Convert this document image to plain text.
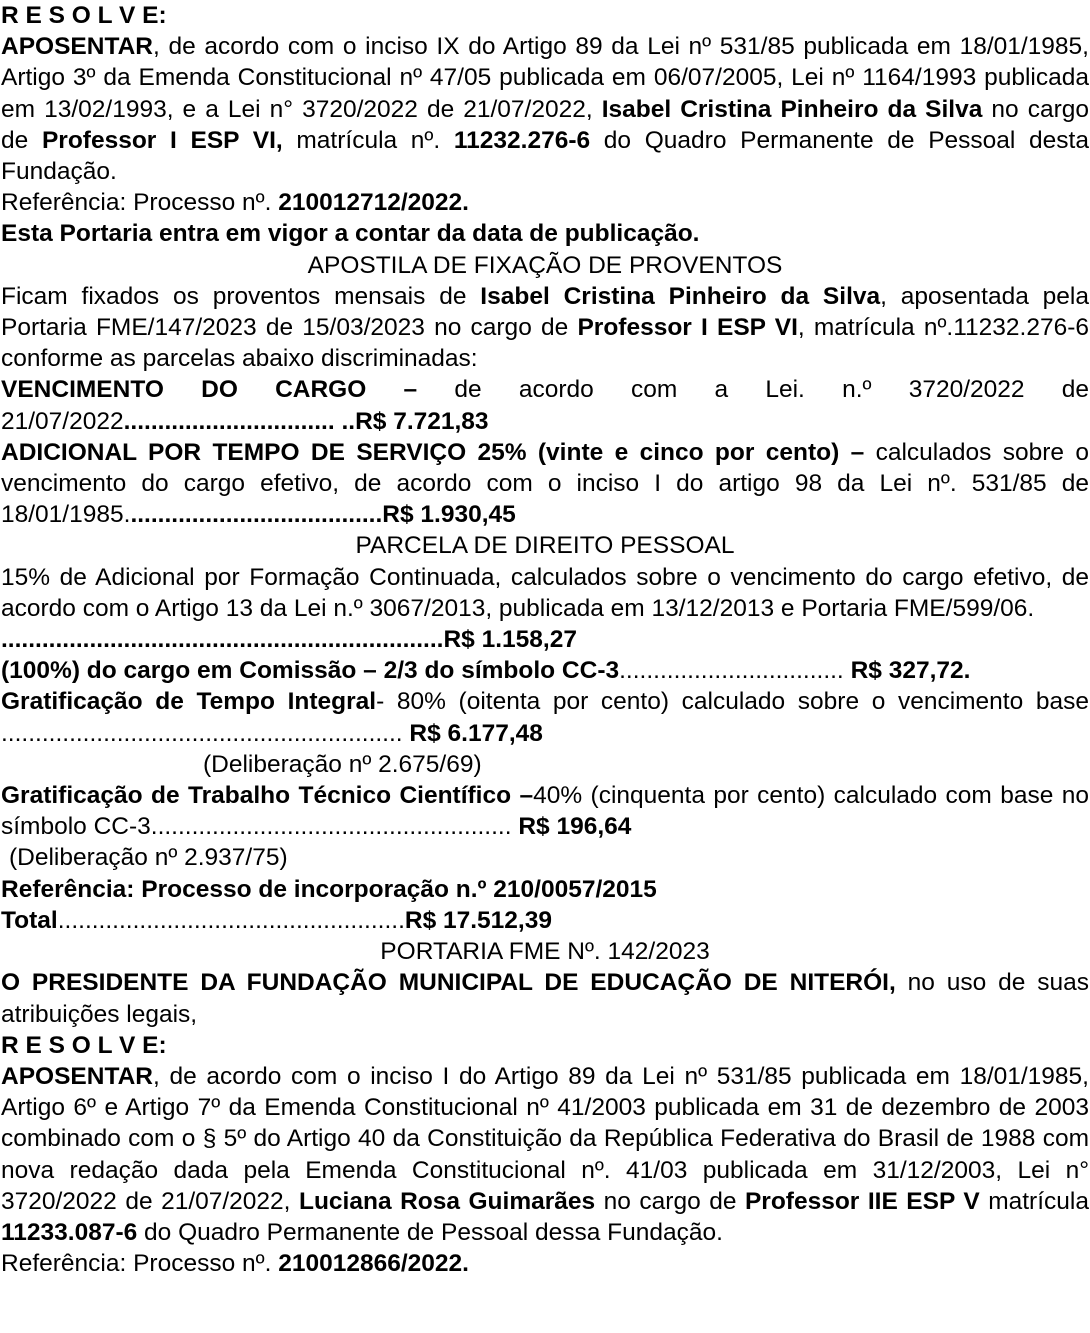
R E S O L V E:

APOSENTAR, de acordo com o inciso IX do Artigo 89 da Lei nº 531/85 publicada em 18/01/1985, Artigo 3º da Emenda Constitucional nº 47/05 publicada em 06/07/2005, Lei nº 1164/1993 publicada em 13/02/1993, e a Lei n° 3720/2022 de 21/07/2022, Isabel Cristina Pinheiro da Silva no cargo de Professor I ESP VI, matrícula nº. 11232.276-6 do Quadro Permanente de Pessoal desta Fundação.

Referência: Processo nº. 210012712/2022.

Esta Portaria entra em vigor a contar da data de publicação.

APOSTILA DE FIXAÇÃO DE PROVENTOS

Ficam fixados os proventos mensais de Isabel Cristina Pinheiro da Silva, aposentada pela Portaria FME/147/2023 de 15/03/2023 no cargo de Professor I ESP VI, matrícula nº.11232.276-6 conforme as parcelas abaixo discriminadas:

VENCIMENTO DO CARGO – de acordo com a Lei. n.º 3720/2022 de 21/07/2022............................... ..R$ 7.721,83

ADICIONAL POR TEMPO DE SERVIÇO 25% (vinte e cinco por cento) – calculados sobre o vencimento do cargo efetivo, de acordo com o inciso I do artigo 98 da Lei nº. 531/85 de 18/01/1985......................................R$ 1.930,45

PARCELA DE DIREITO PESSOAL

15% de Adicional por Formação Continuada, calculados sobre o vencimento do cargo efetivo, de acordo com o Artigo 13 da Lei n.º 3067/2013, publicada em 13/12/2013 e Portaria FME/599/06.

.................................................................R$ 1.158,27

(100%) do cargo em Comissão – 2/3 do símbolo CC-3................................. R$ 327,72.

Gratificação de Tempo Integral- 80% (oitenta por cento) calculado sobre o vencimento base ........................................................... R$ 6.177,48

(Deliberação nº 2.675/69)

Gratificação de Trabalho Técnico Científico –40% (cinquenta por cento) calculado com base no símbolo CC-3..................................................... R$ 196,64

(Deliberação nº 2.937/75)

Referência: Processo de incorporação n.º 210/0057/2015

Total...................................................R$ 17.512,39

PORTARIA FME Nº. 142/2023

O PRESIDENTE DA FUNDAÇÃO MUNICIPAL DE EDUCAÇÃO DE NITERÓI, no uso de suas atribuições legais,

R E S O L V E:

APOSENTAR, de acordo com o inciso I do Artigo 89 da Lei nº 531/85 publicada em 18/01/1985, Artigo 6º e Artigo 7º da Emenda Constitucional nº 41/2003 publicada em 31 de dezembro de 2003 combinado com o § 5º do Artigo 40 da Constituição da República Federativa do Brasil de 1988 com nova redação dada pela Emenda Constitucional nº. 41/03 publicada em 31/12/2003, Lei n° 3720/2022 de 21/07/2022, Luciana Rosa Guimarães no cargo de Professor IIE ESP V matrícula 11233.087-6 do Quadro Permanente de Pessoal dessa Fundação.

Referência: Processo nº. 210012866/2022.
